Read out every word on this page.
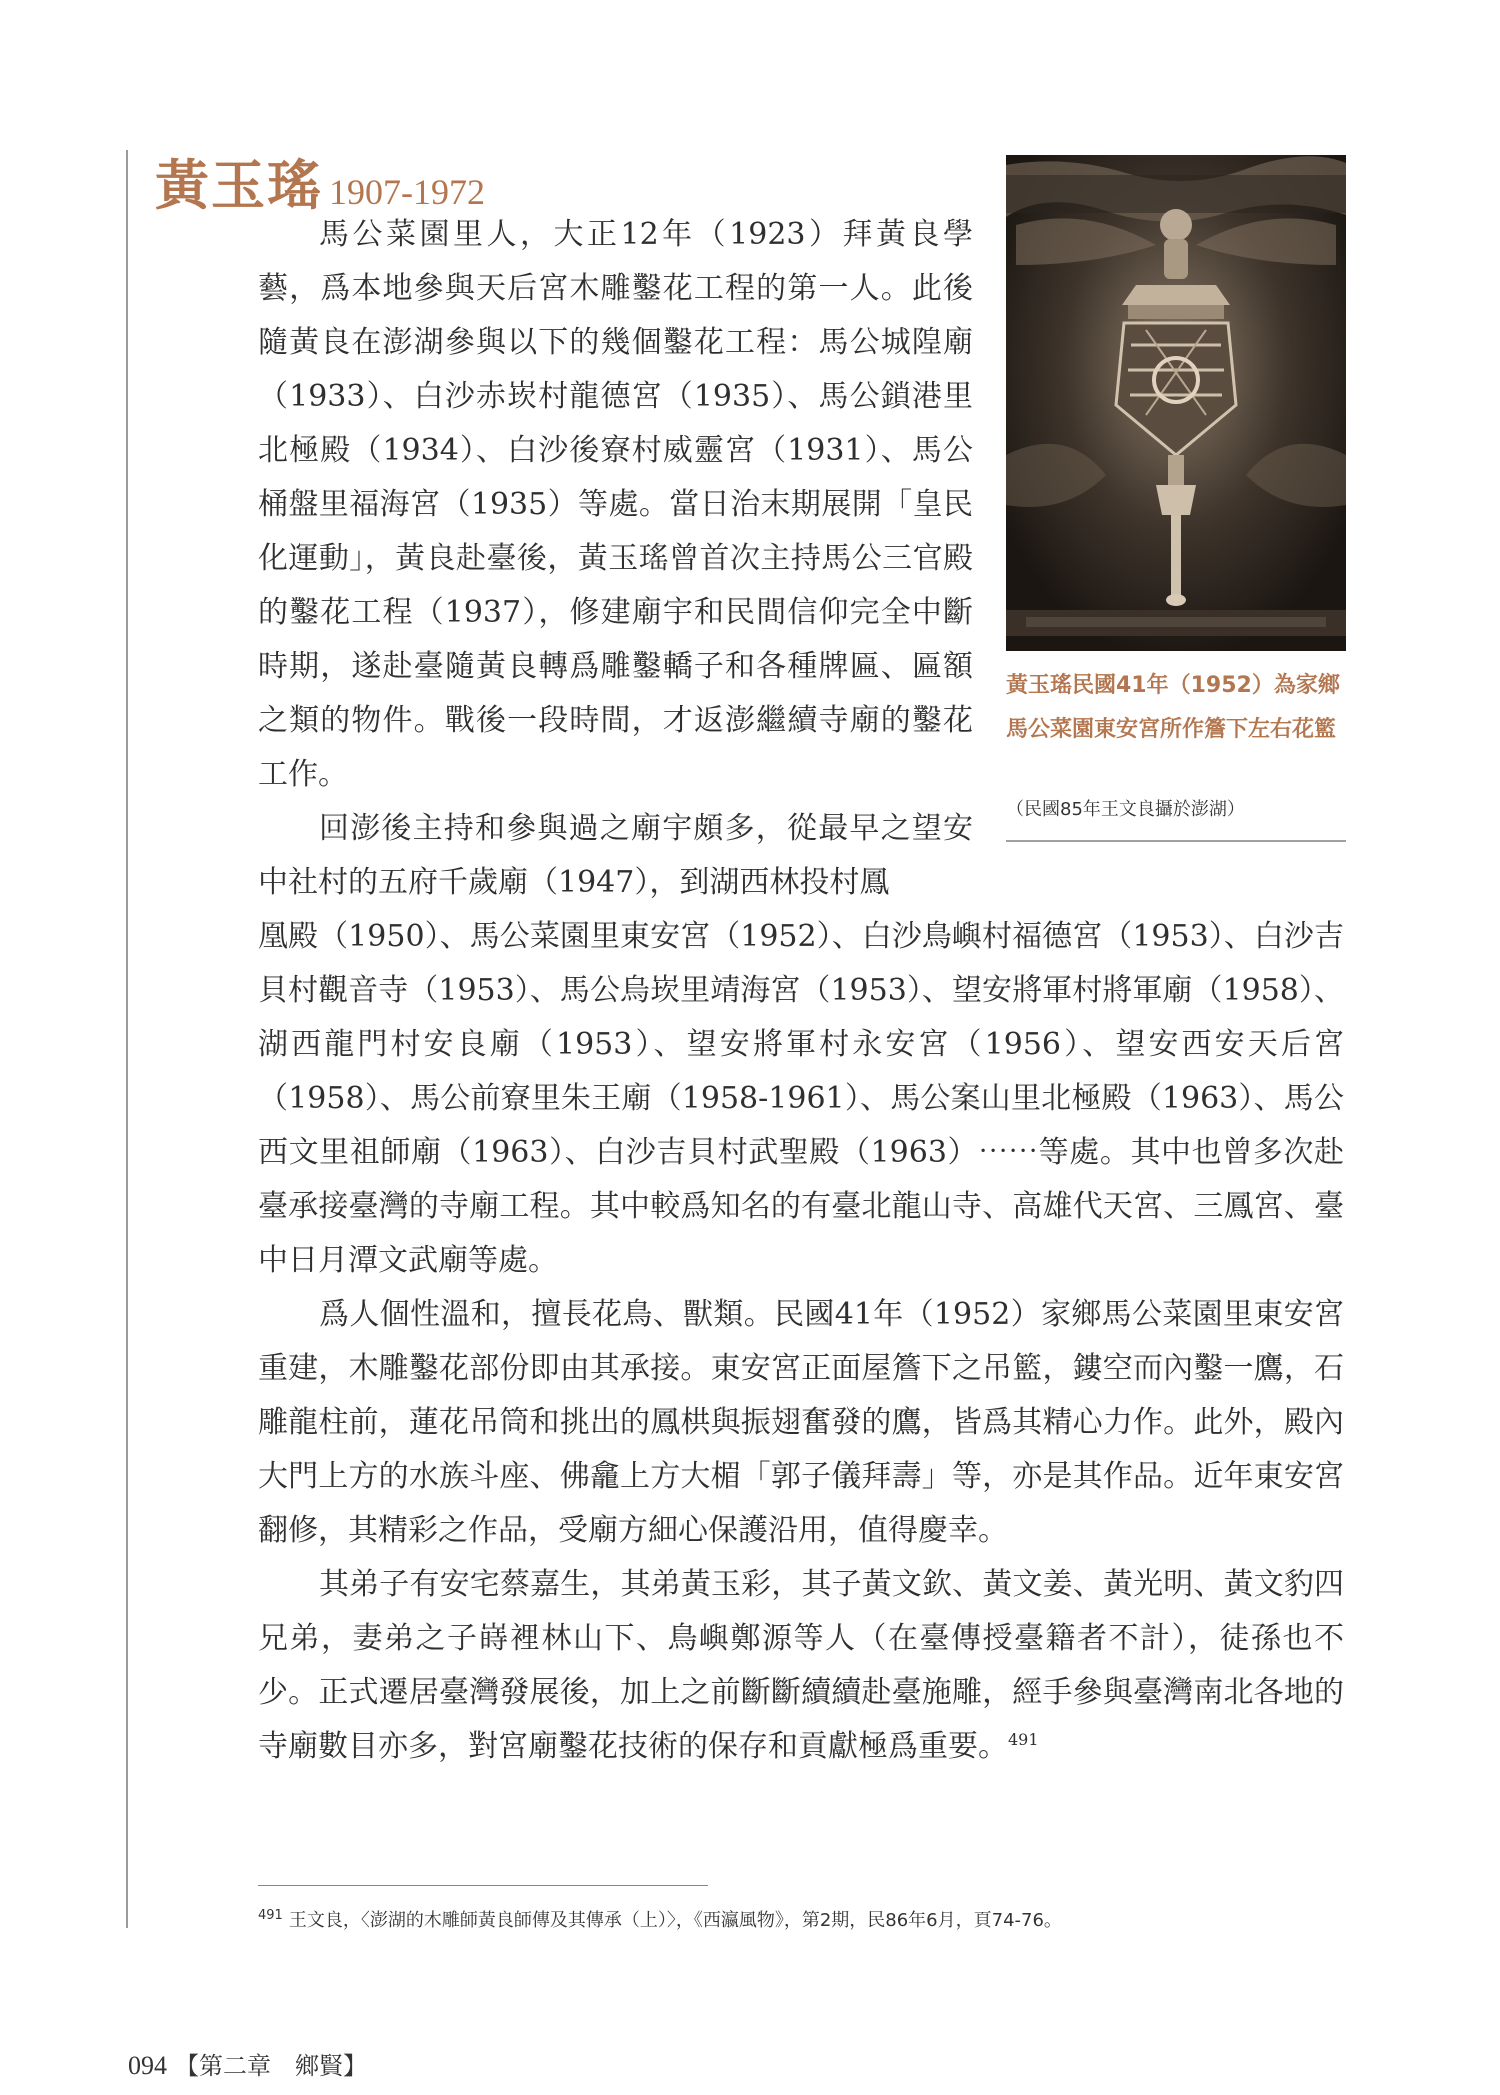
黃玉瑤 1907-1972

馬公菜園里人，大正12年（1923）拜黃良學藝，爲本地參與天后宮木雕鑿花工程的第一人。此後隨黃良在澎湖參與以下的幾個鑿花工程：馬公城隍廟（1933）、白沙赤崁村龍德宮（1935）、馬公鎖港里北極殿（1934）、白沙後寮村威靈宮（1931）、馬公桶盤里福海宮（1935）等處。當日治末期展開「皇民化運動」，黃良赴臺後，黃玉瑤曾首次主持馬公三官殿的鑿花工程（1937），修建廟宇和民間信仰完全中斷時期，遂赴臺隨黃良轉爲雕鑿轎子和各種牌匾、匾額之類的物件。戰後一段時間，才返澎繼續寺廟的鑿花工作。

回澎後主持和參與過之廟宇頗多，從最早之望安中社村的五府千歲廟（1947），到湖西林投村鳳

凰殿（1950）、馬公菜園里東安宮（1952）、白沙鳥嶼村福德宮（1953）、白沙吉貝村觀音寺（1953）、馬公烏崁里靖海宮（1953）、望安將軍村將軍廟（1958）、湖西龍門村安良廟（1953）、望安將軍村永安宮（1956）、望安西安天后宮（1958）、馬公前寮里朱王廟（1958-1961）、馬公案山里北極殿（1963）、馬公西文里祖師廟（1963）、白沙吉貝村武聖殿（1963）⋯⋯等處。其中也曾多次赴臺承接臺灣的寺廟工程。其中較爲知名的有臺北龍山寺、高雄代天宮、三鳳宮、臺中日月潭文武廟等處。

爲人個性溫和，擅長花鳥、獸類。民國41年（1952）家鄉馬公菜園里東安宮重建，木雕鑿花部份即由其承接。東安宮正面屋簷下之吊籃，鏤空而內鑿一鷹，石雕龍柱前，蓮花吊筒和挑出的鳳栱與振翅奮發的鷹，皆爲其精心力作。此外，殿內大門上方的水族斗座、佛龕上方大楣「郭子儀拜壽」等，亦是其作品。近年東安宮翻修，其精彩之作品，受廟方細心保護沿用，值得慶幸。

其弟子有安宅蔡嘉生，其弟黃玉彩，其子黃文欽、黃文姜、黃光明、黃文豹四兄弟，妻弟之子嵵裡林山下、鳥嶼鄭源等人（在臺傳授臺籍者不計），徒孫也不少。正式遷居臺灣發展後，加上之前斷斷續續赴臺施雕，經手參與臺灣南北各地的寺廟數目亦多，對宮廟鑿花技術的保存和貢獻極爲重要。$^{491}$

黃玉瑤民國41年（1952）為家鄉馬公菜園東安宮所作簷下左右花籃
（民國85年王文良攝於澎湖）
$^{491}$ 王文良，〈澎湖的木雕師黃良師傳及其傳承（上）〉，《西瀛風物》，第2期，民86年6月，頁74-76。
094 【第二章　鄉賢】
